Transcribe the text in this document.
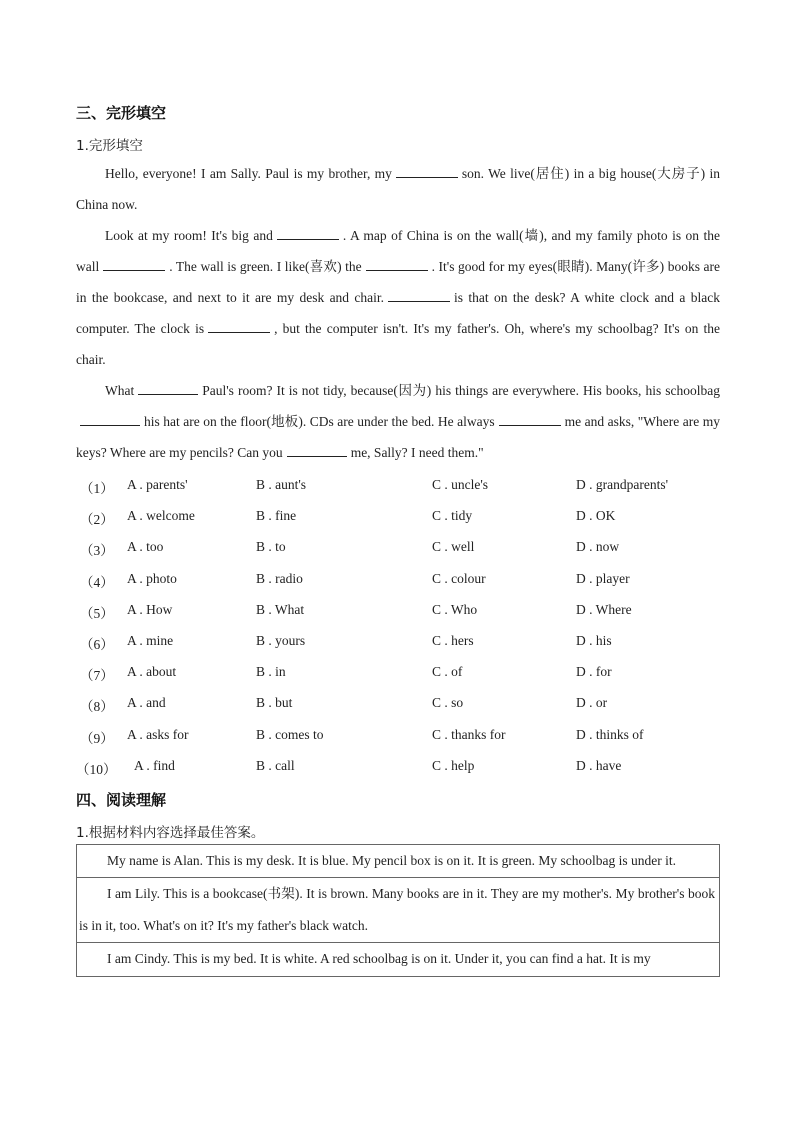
三、完形填空
1.完形填空

Hello, everyone! I am Sally. Paul is my brother, my	son. We live(居住) in a big house(大房子) in China now.

Look at my room! It's big and	. A map of China is on the wall(墙), and my family photo is on the wall	. The wall is green. I like(喜欢) the	. It's good for my eyes(眼睛). Many(许多) books are in the bookcase, and next to it are my desk and chair.	is that on the desk? A white clock and a black computer. The clock is	, but the computer isn't. It's my father's. Oh, where's my schoolbag? It's on the chair.

What	Paul's room? It is not tidy, because(因为) his things are everywhere. His books, his schoolbaghis hat are on the floor(地板). CDs are under the bed. He always	me and asks, "Where are my keys? Where are my pencils? Can you	me, Sally? I need them."

（1） A . parents'	B . aunt's	C . uncle's	D . grandparents'
（2） A . welcome	B . fine	C . tidy	D . OK
（3） A . too	B . to	C . well	D . now
（4） A . photo	B . radio	C . colour	D . player
（5） A . How	B . What	C . Who	D . Where
（6） A . mine	B . yours	C . hers	D . his
（7） A . about	B . in	C . of	D . for
（8） A . and	B . but	C . so	D . or
（9） A . asks for	B . comes to	C . thanks for	D . thinks of
（10） A . find	B . call	C . help	D . have
四、阅读理解
1.根据材料内容选择最佳答案。

My name is Alan. This is my desk. It is blue. My pencil box is on it. It is green. My schoolbag is under it.

I am Lily. This is a bookcase(书架). It is brown. Many books are in it. They are my mother's. My brother's book is in it, too. What's on it? It's my father's black watch.

I am Cindy. This is my bed. It is white. A red schoolbag is on it. Under it, you can find a hat. It is my
